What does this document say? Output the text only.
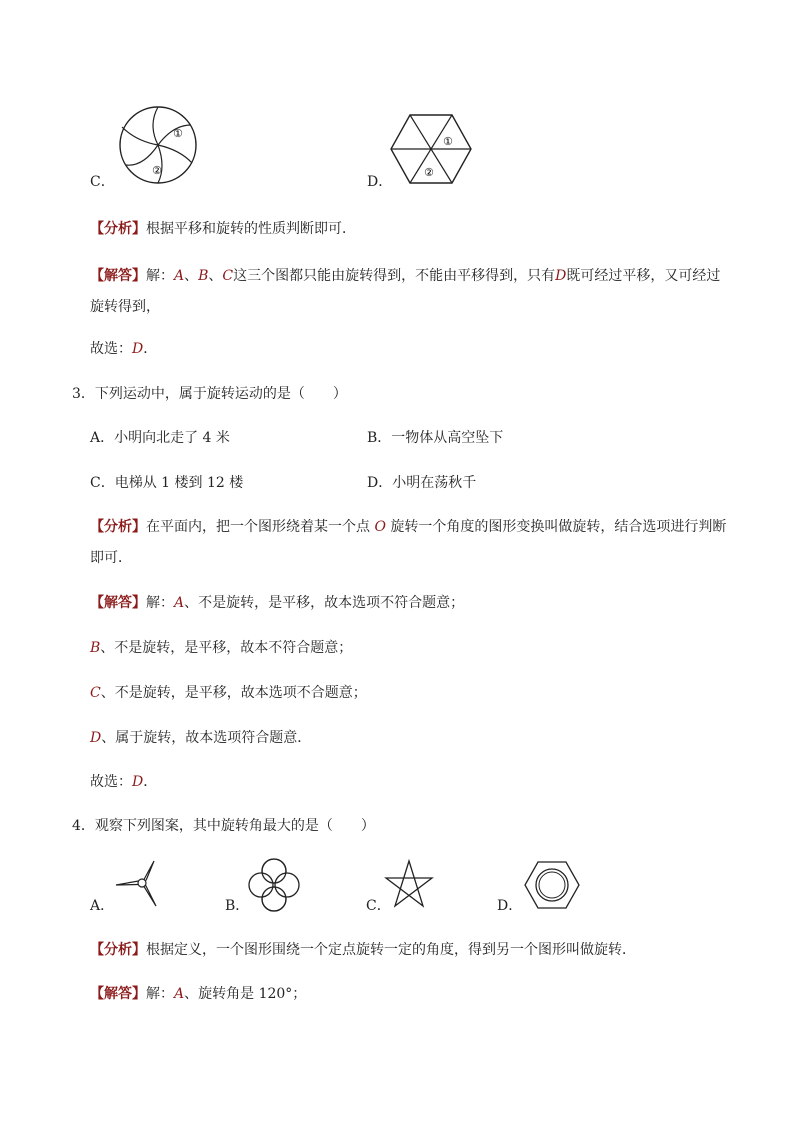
C．
①
②
D．
①
②
【分析】根据平移和旋转的性质判断即可．
【解答】解：A、B、C这三个图都只能由旋转得到，不能由平移得到，只有D既可经过平移，又可经过
旋转得到，
故选：D．
3．下列运动中，属于旋转运动的是（　　）
A．小明向北走了 4 米	B．一物体从高空坠下
C．电梯从 1 楼到 12 楼	D．小明在荡秋千
【分析】在平面内，把一个图形绕着某一个点 O 旋转一个角度的图形变换叫做旋转，结合选项进行判断
即可．
【解答】解：A、不是旋转，是平移，故本选项不符合题意；
B、不是旋转，是平移，故本不符合题意；
C、不是旋转，是平移，故本选项不合题意；
D、属于旋转，故本选项符合题意．
故选：D．
4．观察下列图案，其中旋转角最大的是（　　）
A．	B．	C．	D．
【分析】根据定义，一个图形围绕一个定点旋转一定的角度，得到另一个图形叫做旋转．
【解答】解：A、旋转角是 120°；
